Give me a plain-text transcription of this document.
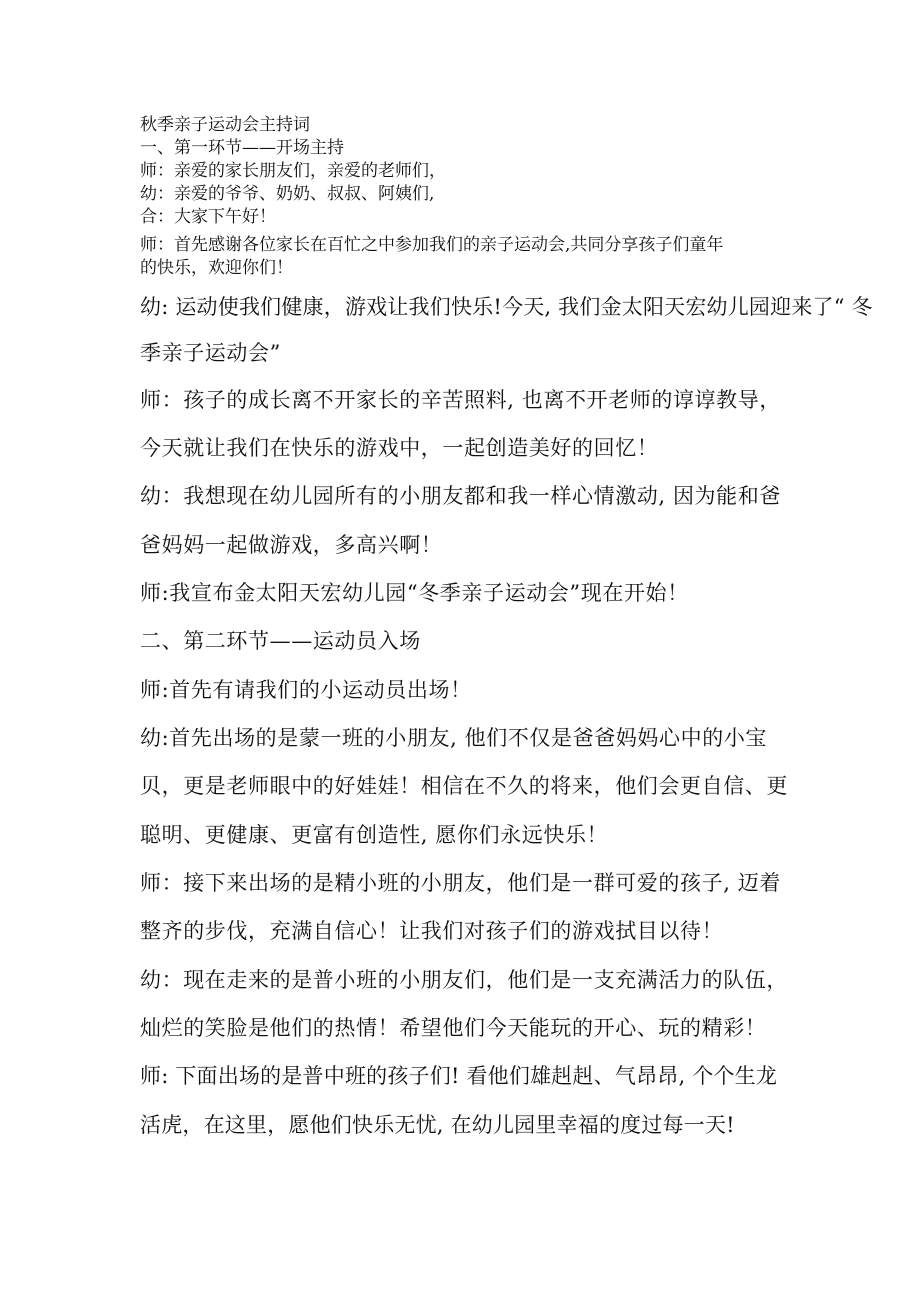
秋季亲子运动会主持词

一、第一环节——开场主持

师：亲爱的家长朋友们，亲爱的老师们，

幼：亲爱的爷爷、奶奶、叔叔、阿姨们,

合：大家下午好！

师：首先感谢各位家长在百忙之中参加我们的亲子运动会,共同分享孩子们童年

的快乐，欢迎你们！

幼: 运动使我们健康，游戏让我们快乐!今天, 我们金太阳天宏幼儿园迎来了“ 冬

季亲子运动会”

师：孩子的成长离不开家长的辛苦照料, 也离不开老师的谆谆教导，

今天就让我们在快乐的游戏中，一起创造美好的回忆！

幼：我想现在幼儿园所有的小朋友都和我一样心情激动, 因为能和爸

爸妈妈一起做游戏，多高兴啊！

师:我宣布金太阳天宏幼儿园“冬季亲子运动会”现在开始！

二、第二环节——运动员入场

师:首先有请我们的小运动员出场！

幼:首先出场的是蒙一班的小朋友, 他们不仅是爸爸妈妈心中的小宝

贝，更是老师眼中的好娃娃！相信在不久的将来，他们会更自信、更

聪明、更健康、更富有创造性, 愿你们永远快乐！

师：接下来出场的是精小班的小朋友，他们是一群可爱的孩子, 迈着

整齐的步伐，充满自信心！让我们对孩子们的游戏拭目以待！

幼：现在走来的是普小班的小朋友们，他们是一支充满活力的队伍，

灿烂的笑脸是他们的热情！希望他们今天能玩的开心、玩的精彩！

师: 下面出场的是普中班的孩子们! 看他们雄赳赳、气昂昂, 个个生龙

活虎，在这里，愿他们快乐无忧, 在幼儿园里幸福的度过每一天!
